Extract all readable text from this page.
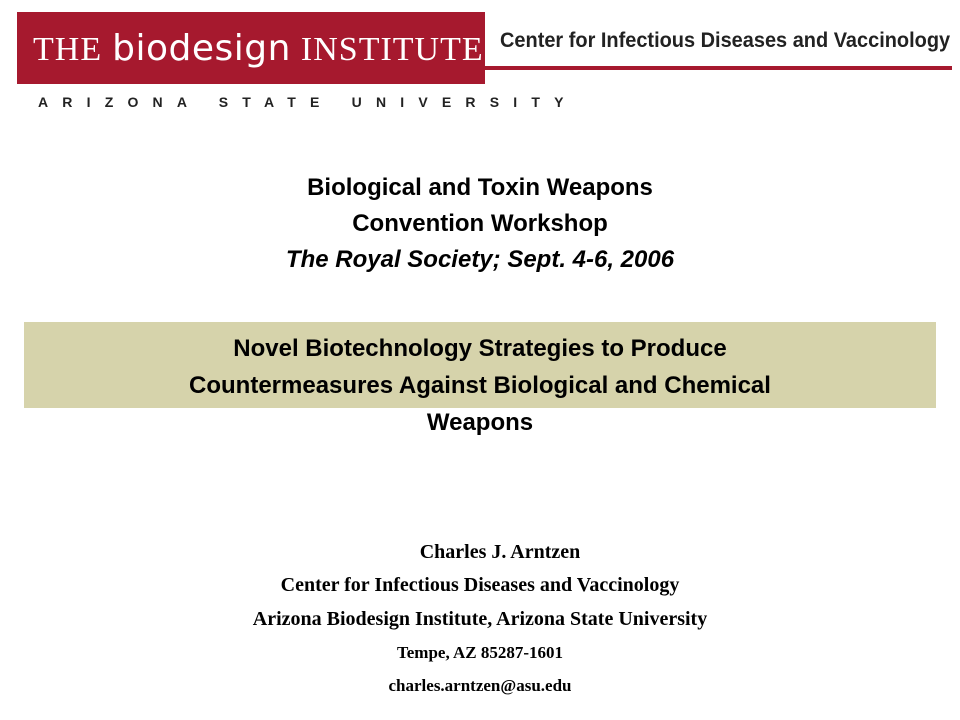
THE biodesign INSTITUTE Center for Infectious Diseases and Vaccinology
ARIZONA STATE UNIVERSITY
Biological and Toxin Weapons
Convention Workshop
The Royal Society; Sept. 4-6, 2006
Novel Biotechnology Strategies to Produce
Countermeasures Against Biological and Chemical
Weapons
Charles J. Arntzen
Center for Infectious Diseases and Vaccinology
Arizona Biodesign Institute, Arizona State University
Tempe, AZ 85287-1601
charles.arntzen@asu.edu
